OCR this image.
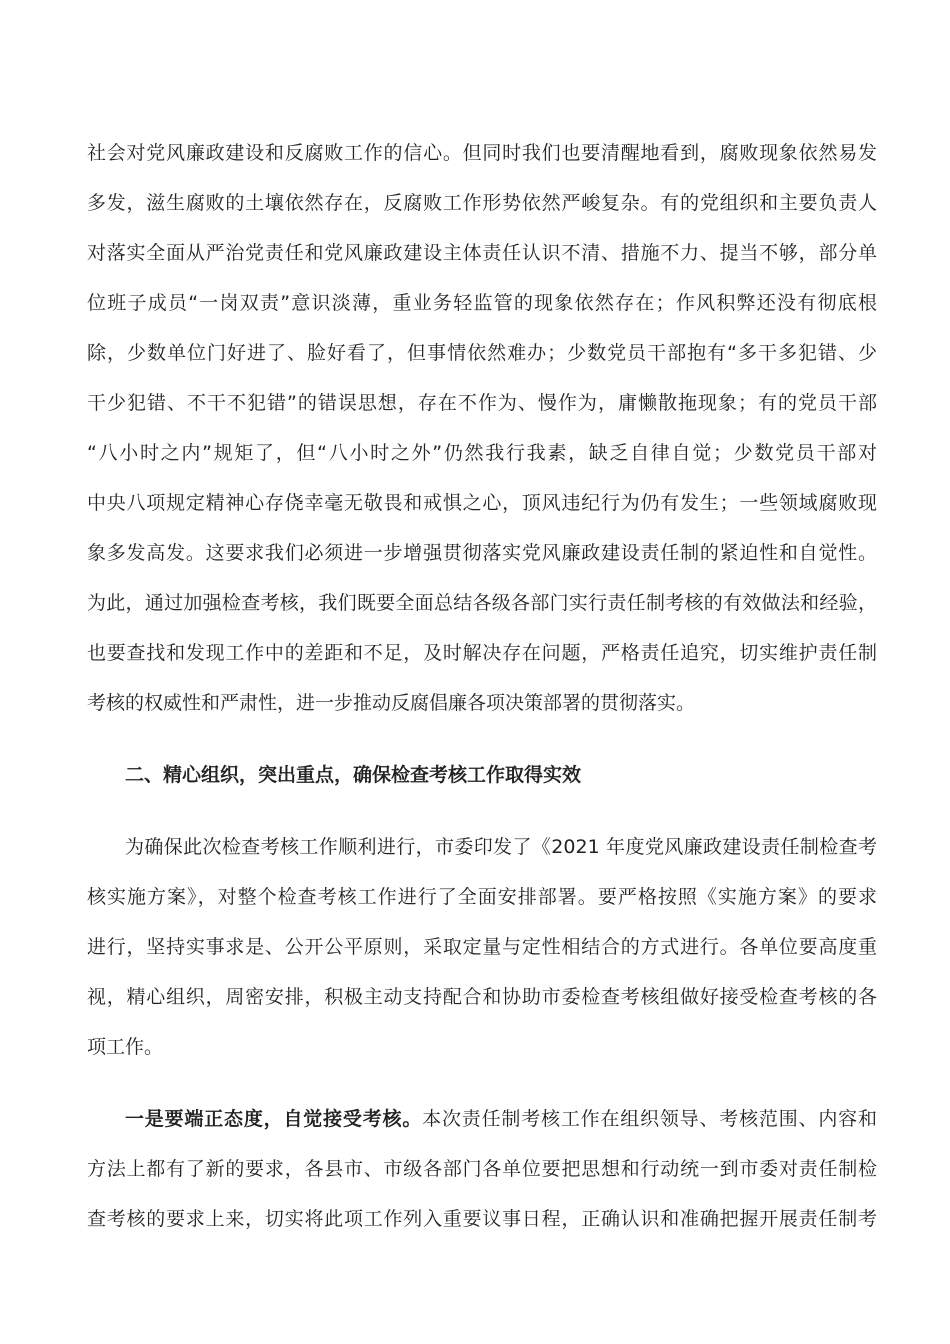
社会对党风廉政建设和反腐败工作的信心。但同时我们也要清醒地看到，腐败现象依然易发
多发，滋生腐败的土壤依然存在，反腐败工作形势依然严峻复杂。有的党组织和主要负责人
对落实全面从严治党责任和党风廉政建设主体责任认识不清、措施不力、提当不够，部分单
位班子成员“一岗双责”意识淡薄，重业务轻监管的现象依然存在；作风积弊还没有彻底根
除，少数单位门好进了、脸好看了，但事情依然难办；少数党员干部抱有“多干多犯错、少
干少犯错、不干不犯错”的错误思想，存在不作为、慢作为，庸懒散拖现象；有的党员干部
“八小时之内”规矩了，但“八小时之外”仍然我行我素，缺乏自律自觉；少数党员干部对
中央八项规定精神心存侥幸毫无敬畏和戒惧之心，顶风违纪行为仍有发生；一些领域腐败现
象多发高发。这要求我们必须进一步增强贯彻落实党风廉政建设责任制的紧迫性和自觉性。
为此，通过加强检查考核，我们既要全面总结各级各部门实行责任制考核的有效做法和经验，
也要查找和发现工作中的差距和不足，及时解决存在问题，严格责任追究，切实维护责任制
考核的权威性和严肃性，进一步推动反腐倡廉各项决策部署的贯彻落实。
二、精心组织，突出重点，确保检查考核工作取得实效
为确保此次检查考核工作顺利进行，市委印发了《2021 年度党风廉政建设责任制检查考
核实施方案》，对整个检查考核工作进行了全面安排部署。要严格按照《实施方案》的要求
进行，坚持实事求是、公开公平原则，采取定量与定性相结合的方式进行。各单位要高度重
视，精心组织，周密安排，积极主动支持配合和协助市委检查考核组做好接受检查考核的各
项工作。
一是要端正态度，自觉接受考核。本次责任制考核工作在组织领导、考核范围、内容和
方法上都有了新的要求，各县市、市级各部门各单位要把思想和行动统一到市委对责任制检
查考核的要求上来，切实将此项工作列入重要议事日程，正确认识和准确把握开展责任制考
